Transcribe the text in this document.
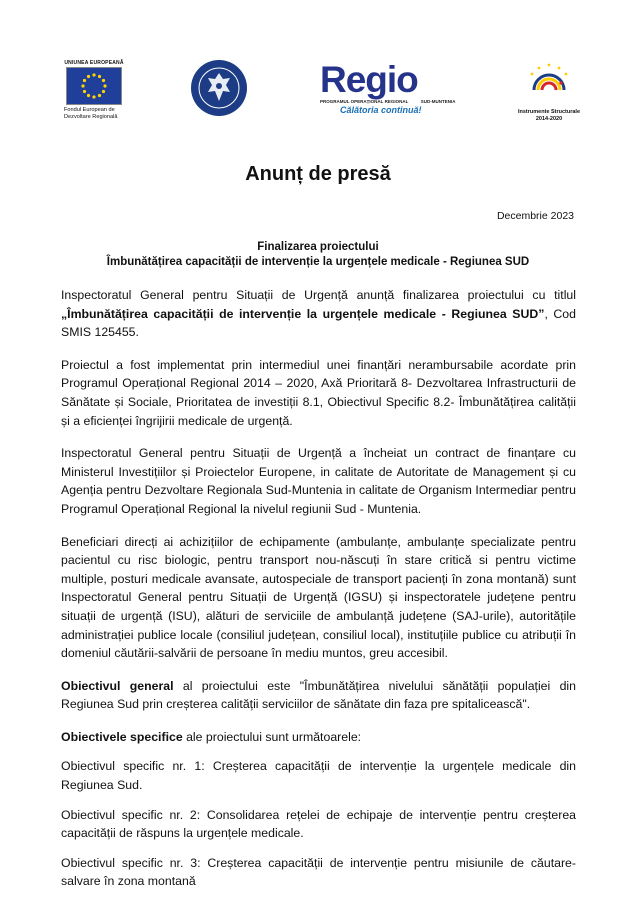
UNIUNEA EUROPEANĂ
Fondul European de
Dezvoltare Regională
Regio
PROGRAMUL OPERAȚIONAL REGIONAL	SUD-MUNTENIA
Călătoria continuă!	Instrumente Structurale
2014-2020
Anunț de presă
Decembrie 2023
Finalizarea proiectului
Îmbunătățirea capacității de intervenție la urgențele medicale - Regiunea SUD

Inspectoratul General pentru Situații de Urgență anunță finalizarea proiectului cu titlul „Îmbunătățirea capacității de intervenție la urgențele medicale - Regiunea SUD”, Cod SMIS 125455.

Proiectul a fost implementat prin intermediul unei finanțări nerambursabile acordate prin Programul Operațional Regional 2014 – 2020, Axă Prioritară 8- Dezvoltarea Infrastructurii de Sănătate și Sociale, Prioritatea de investiții 8.1, Obiectivul Specific 8.2- Îmbunătățirea calității și a eficienței îngrijirii medicale de urgență.

Inspectoratul General pentru Situații de Urgență a încheiat un contract de finanțare cu Ministerul Investițiilor și Proiectelor Europene, in calitate de Autoritate de Management și cu Agenția pentru Dezvoltare Regionala Sud-Muntenia in calitate de Organism Intermediar pentru Programul Operațional Regional la nivelul regiunii Sud - Muntenia.

Beneficiari direcți ai achizițiilor de echipamente (ambulanțe, ambulanțe specializate pentru pacientul cu risc biologic, pentru transport nou-născuți în stare critică si pentru victime multiple, posturi medicale avansate, autospeciale de transport pacienți în zona montană) sunt Inspectoratul General pentru Situații de Urgență (IGSU) și inspectoratele județene pentru situații de urgență (ISU), alături de serviciile de ambulanță județene (SAJ-urile), autoritățile administrației publice locale (consiliul județean, consiliul local), instituțiile publice cu atribuții în domeniul căutării-salvării de persoane în mediu muntos, greu accesibil.

Obiectivul general al proiectului este "Îmbunătățirea nivelului sănătății populației din Regiunea Sud prin creșterea calității serviciilor de sănătate din faza pre spitalicească".

Obiectivele specifice ale proiectului sunt următoarele:

Obiectivul specific nr. 1: Creșterea capacității de intervenție la urgențele medicale din Regiunea Sud.

Obiectivul specific nr. 2: Consolidarea rețelei de echipaje de intervenție pentru creșterea capacității de răspuns la urgențele medicale.

Obiectivul specific nr. 3: Creșterea capacității de intervenție pentru misiunile de căutare-salvare în zona montană
